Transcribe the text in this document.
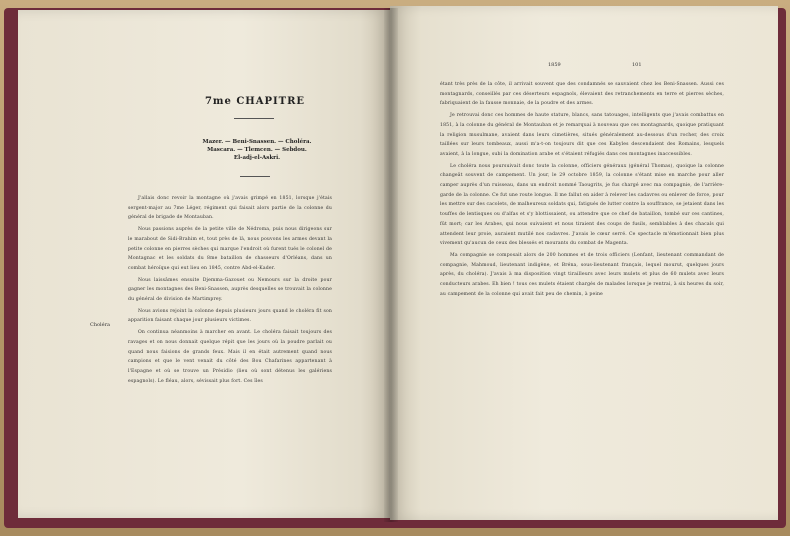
7me CHAPITRE
Mazer. — Beni-Snassen. — Choléra.
Mascara. — Tlemcen. — Sebdou.
El-adj-el-Askri.
Choléra

J'allais donc revoir la montagne où j'avais grimpé en 1851, lorsque j'étais sergent-major au 7me Léger, régiment qui faisait alors partie de la colonne du général de brigade de Montauban.

Nous passions auprès de la petite ville de Nédroma, puis nous dirigeons sur le marabout de Sidi-Brahim et, tout près de là, nous pouvons les armes devant la petite colonne en pierres sèches qui marque l'endroit où furent tués le colonel de Montagnac et les soldats du 8me bataillon de chasseurs d'Orléans, dans un combat héroïque qui eut lieu en 1845, contre Abd-el-Kader.

Nous laissâmes ensuite Djemma-Gazouet ou Nemours sur la droite pour gagner les montagnes des Beni-Snassen, auprès desquelles se trouvait la colonne du général de division de Martimprey.

Nous avions rejoint la colonne depuis plusieurs jours quand le choléra fit son apparition faisant chaque jour plusieurs victimes.

On continua néanmoins à marcher en avant. Le choléra faisait toujours des ravages et on nous donnait quelque répit que les jours où la poudre parlait ou quand nous faisions de grands feux. Mais il en était autrement quand nous campions et que le vent venait du côté des Bou Chafarines appartenant à l'Espagne et où se trouve un Présidio (lieu où sont détenus les galériens espagnols). Le fléau, alors, sévissait plus fort. Ces îles

1859	101

étant très près de la côte, il arrivait souvent que des condamnés se sauvaient chez les Beni-Snassen. Aussi ces montagnards, conseillés par ces déserteurs espagnols, élevaient des retranchements en terre et pierres sèches, fabriquaient de la fausse monnaie, de la poudre et des armes.

Je retrouvai donc ces hommes de haute stature, blancs, sans tatouages, intelligents que j'avais combattus en 1851, à la colonne du général de Montauban et je remarquai à nouveau que ces montagnards, quoique pratiquant la religion musulmane, avaient dans leurs cimetières, situés généralement au-dessous d'un rocher, des croix taillées sur leurs tombeaux, aussi m'a-t-on toujours dit que ces Kabyles descendaient des Romains, lesquels avaient, à la longue, subi la domination arabe et s'étaient réfugiés dans ces montagnes inaccessibles.

Le choléra nous poursuivait donc toute la colonne, officiers généraux (général Thomas), quoique la colonne changeât souvent de campement. Un jour, le 29 octobre 1859, la colonne s'étant mise en marche pour aller camper auprès d'un ruisseau, dans un endroit nommé Taougrits, je fus chargé avec ma compagnie, de l'arrière-garde de la colonne. Ce fut une route longue. Il me fallut en aider à relever les cadavres ou enlever de force, pour les mettre sur des cacolets, de malheureux soldats qui, fatigués de lutter contre la souffrance, se jetaient dans les touffes de lentisques ou d'alfas et s'y blottissaient, ou attendre que ce chef de bataillon, tombé sur ces cantines, fût mort; car les Arabes, qui nous suivaient et nous tiraient des coups de fusils, semblables à des chacals qui attendent leur proie, auraient mutilé nos cadavres. J'avais le cœur serré. Ce spectacle m'émotionnait bien plus vivement qu'aucun de ceux des blessés et mourants du combat de Magenta.

Ma compagnie se composait alors de 200 hommes et de trois officiers (Lenfant, lieutenant commandant de compagnie, Mahmoud, lieutenant indigène, et Bréna, sous-lieutenant français, lequel mourut, quelques jours après, du choléra). J'avais à ma disposition vingt tirailleurs avec leurs mulets et plus de 60 mulets avec leurs conducteurs arabes. Eh bien ! tous ces mulets étaient chargés de malades lorsque je rentrai, à six heures du soir, au campement de la colonne qui avait fait peu de chemin, à peine
